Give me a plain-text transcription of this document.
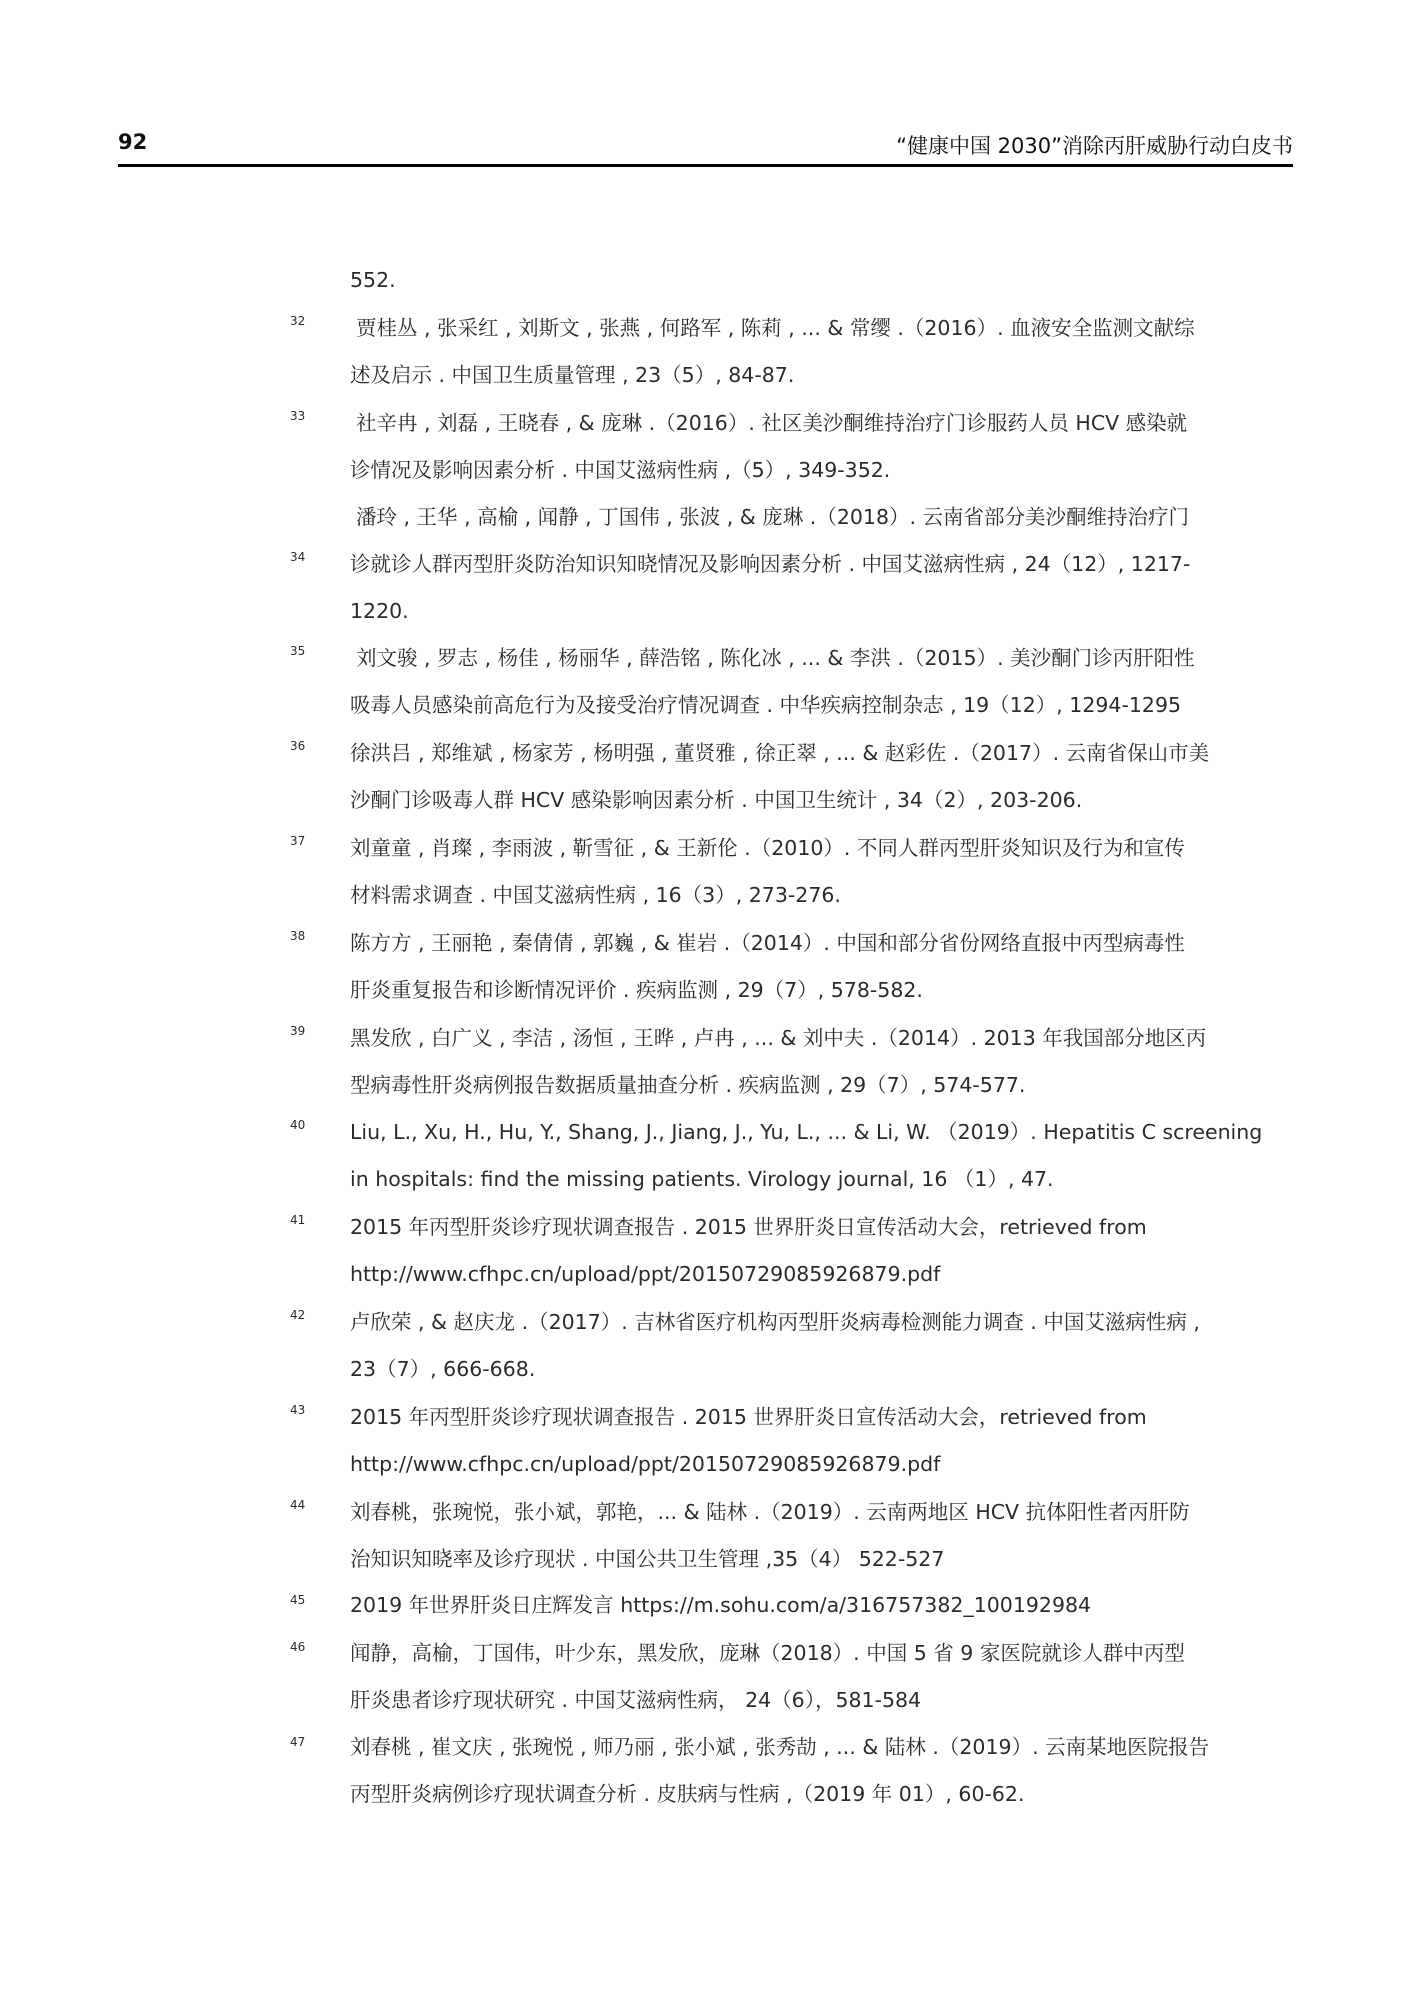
92	“健康中国 2030”消除丙肝威胁行动白皮书
552.
32 贾桂丛 , 张采红 , 刘斯文 , 张燕 , 何路军 , 陈莉 , ... & 常缨 .（2016）. 血液安全监测文献综
述及启示 . 中国卫生质量管理 , 23（5）, 84-87.
33 社辛冉 , 刘磊 , 王晓春 , & 庞琳 .（2016）. 社区美沙酮维持治疗门诊服药人员 HCV 感染就
诊情况及影响因素分析 . 中国艾滋病性病 ,（5）, 349-352.
潘玲 , 王华 , 高榆 , 闻静 , 丁国伟 , 张波 , & 庞琳 .（2018）. 云南省部分美沙酮维持治疗门
34 诊就诊人群丙型肝炎防治知识知晓情况及影响因素分析 . 中国艾滋病性病 , 24（12）, 1217-
1220.
35 刘文骏 , 罗志 , 杨佳 , 杨丽华 , 薛浩铭 , 陈化冰 , ... & 李洪 .（2015）. 美沙酮门诊丙肝阳性
吸毒人员感染前高危行为及接受治疗情况调查 . 中华疾病控制杂志 , 19（12）, 1294-1295
36 徐洪吕 , 郑维斌 , 杨家芳 , 杨明强 , 董贤雅 , 徐正翠 , ... & 赵彩佐 .（2017）. 云南省保山市美
沙酮门诊吸毒人群 HCV 感染影响因素分析 . 中国卫生统计 , 34（2）, 203-206.
37 刘童童 , 肖璨 , 李雨波 , 靳雪征 , & 王新伦 .（2010）. 不同人群丙型肝炎知识及行为和宣传
材料需求调查 . 中国艾滋病性病 , 16（3）, 273-276.
38 陈方方 , 王丽艳 , 秦倩倩 , 郭巍 , & 崔岩 .（2014）. 中国和部分省份网络直报中丙型病毒性
肝炎重复报告和诊断情况评价 . 疾病监测 , 29（7）, 578-582.
39 黑发欣 , 白广义 , 李洁 , 汤恒 , 王晔 , 卢冉 , ... & 刘中夫 .（2014）. 2013 年我国部分地区丙
型病毒性肝炎病例报告数据质量抽查分析 . 疾病监测 , 29（7）, 574-577.
40 Liu, L., Xu, H., Hu, Y., Shang, J., Jiang, J., Yu, L., ... & Li, W. （2019）. Hepatitis C screening
in hospitals: find the missing patients. Virology journal, 16 （1）, 47.
41 2015 年丙型肝炎诊疗现状调查报告 . 2015 世界肝炎日宣传活动大会，retrieved from
http://www.cfhpc.cn/upload/ppt/20150729085926879.pdf
42 卢欣荣 , & 赵庆龙 .（2017）. 吉林省医疗机构丙型肝炎病毒检测能力调查 . 中国艾滋病性病 ,
23（7）, 666-668.
43 2015 年丙型肝炎诊疗现状调查报告 . 2015 世界肝炎日宣传活动大会，retrieved from
http://www.cfhpc.cn/upload/ppt/20150729085926879.pdf
44 刘春桃，张琬悦，张小斌，郭艳，... & 陆林 .（2019）. 云南两地区 HCV 抗体阳性者丙肝防
治知识知晓率及诊疗现状 . 中国公共卫生管理 ,35（4） 522-527
45 2019 年世界肝炎日庄辉发言 https://m.sohu.com/a/316757382_100192984
46 闻静，高榆，丁国伟，叶少东，黑发欣，庞琳（2018）. 中国 5 省 9 家医院就诊人群中丙型
肝炎患者诊疗现状研究 . 中国艾滋病性病， 24（6），581-584
47 刘春桃 , 崔文庆 , 张琬悦 , 师乃丽 , 张小斌 , 张秀劼 , ... & 陆林 .（2019）. 云南某地医院报告
丙型肝炎病例诊疗现状调查分析 . 皮肤病与性病 ,（2019 年 01）, 60-62.
